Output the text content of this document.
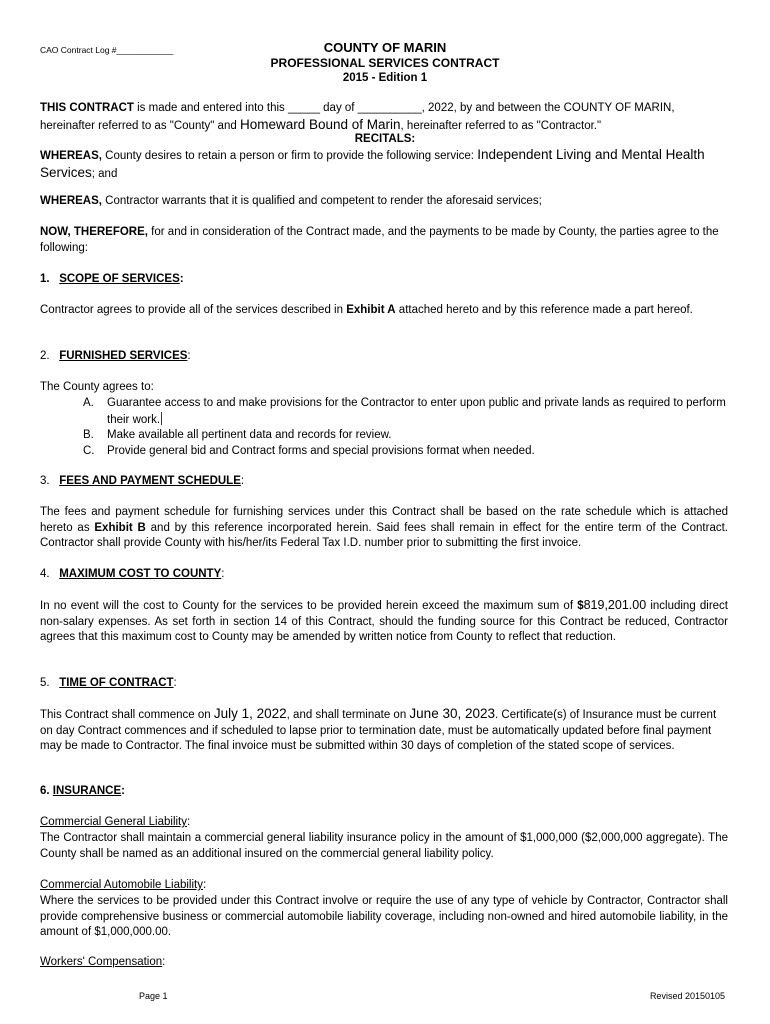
CAO Contract Log #____________	COUNTY OF MARIN
PROFESSIONAL SERVICES CONTRACT
2015 - Edition 1
THIS CONTRACT is made and entered into this _____ day of __________, 2022, by and between the COUNTY OF MARIN, hereinafter referred to as "County" and Homeward Bound of Marin, hereinafter referred to as "Contractor."
RECITALS:
WHEREAS, County desires to retain a person or firm to provide the following service: Independent Living and Mental Health Services; and
WHEREAS, Contractor warrants that it is qualified and competent to render the aforesaid services;
NOW, THEREFORE, for and in consideration of the Contract made, and the payments to be made by County, the parties agree to the following:
1. SCOPE OF SERVICES:
Contractor agrees to provide all of the services described in Exhibit A attached hereto and by this reference made a part hereof.
2. FURNISHED SERVICES:
The County agrees to:
A.	Guarantee access to and make provisions for the Contractor to enter upon public and private lands as required to perform their work.
B.	Make available all pertinent data and records for review.
C.	Provide general bid and Contract forms and special provisions format when needed.
3. FEES AND PAYMENT SCHEDULE:
The fees and payment schedule for furnishing services under this Contract shall be based on the rate schedule which is attached hereto as Exhibit B and by this reference incorporated herein. Said fees shall remain in effect for the entire term of the Contract. Contractor shall provide County with his/her/its Federal Tax I.D. number prior to submitting the first invoice.
4. MAXIMUM COST TO COUNTY:
In no event will the cost to County for the services to be provided herein exceed the maximum sum of $819,201.00 including direct non-salary expenses. As set forth in section 14 of this Contract, should the funding source for this Contract be reduced, Contractor agrees that this maximum cost to County may be amended by written notice from County to reflect that reduction.
5. TIME OF CONTRACT:
This Contract shall commence on July 1, 2022, and shall terminate on June 30, 2023. Certificate(s) of Insurance must be current on day Contract commences and if scheduled to lapse prior to termination date, must be automatically updated before final payment may be made to Contractor. The final invoice must be submitted within 30 days of completion of the stated scope of services.
6. INSURANCE:
Commercial General Liability:
The Contractor shall maintain a commercial general liability insurance policy in the amount of $1,000,000 ($2,000,000 aggregate). The County shall be named as an additional insured on the commercial general liability policy.
Commercial Automobile Liability:
Where the services to be provided under this Contract involve or require the use of any type of vehicle by Contractor, Contractor shall provide comprehensive business or commercial automobile liability coverage, including non-owned and hired automobile liability, in the amount of $1,000,000.00.
Workers' Compensation:
Page 1	Revised 20150105
